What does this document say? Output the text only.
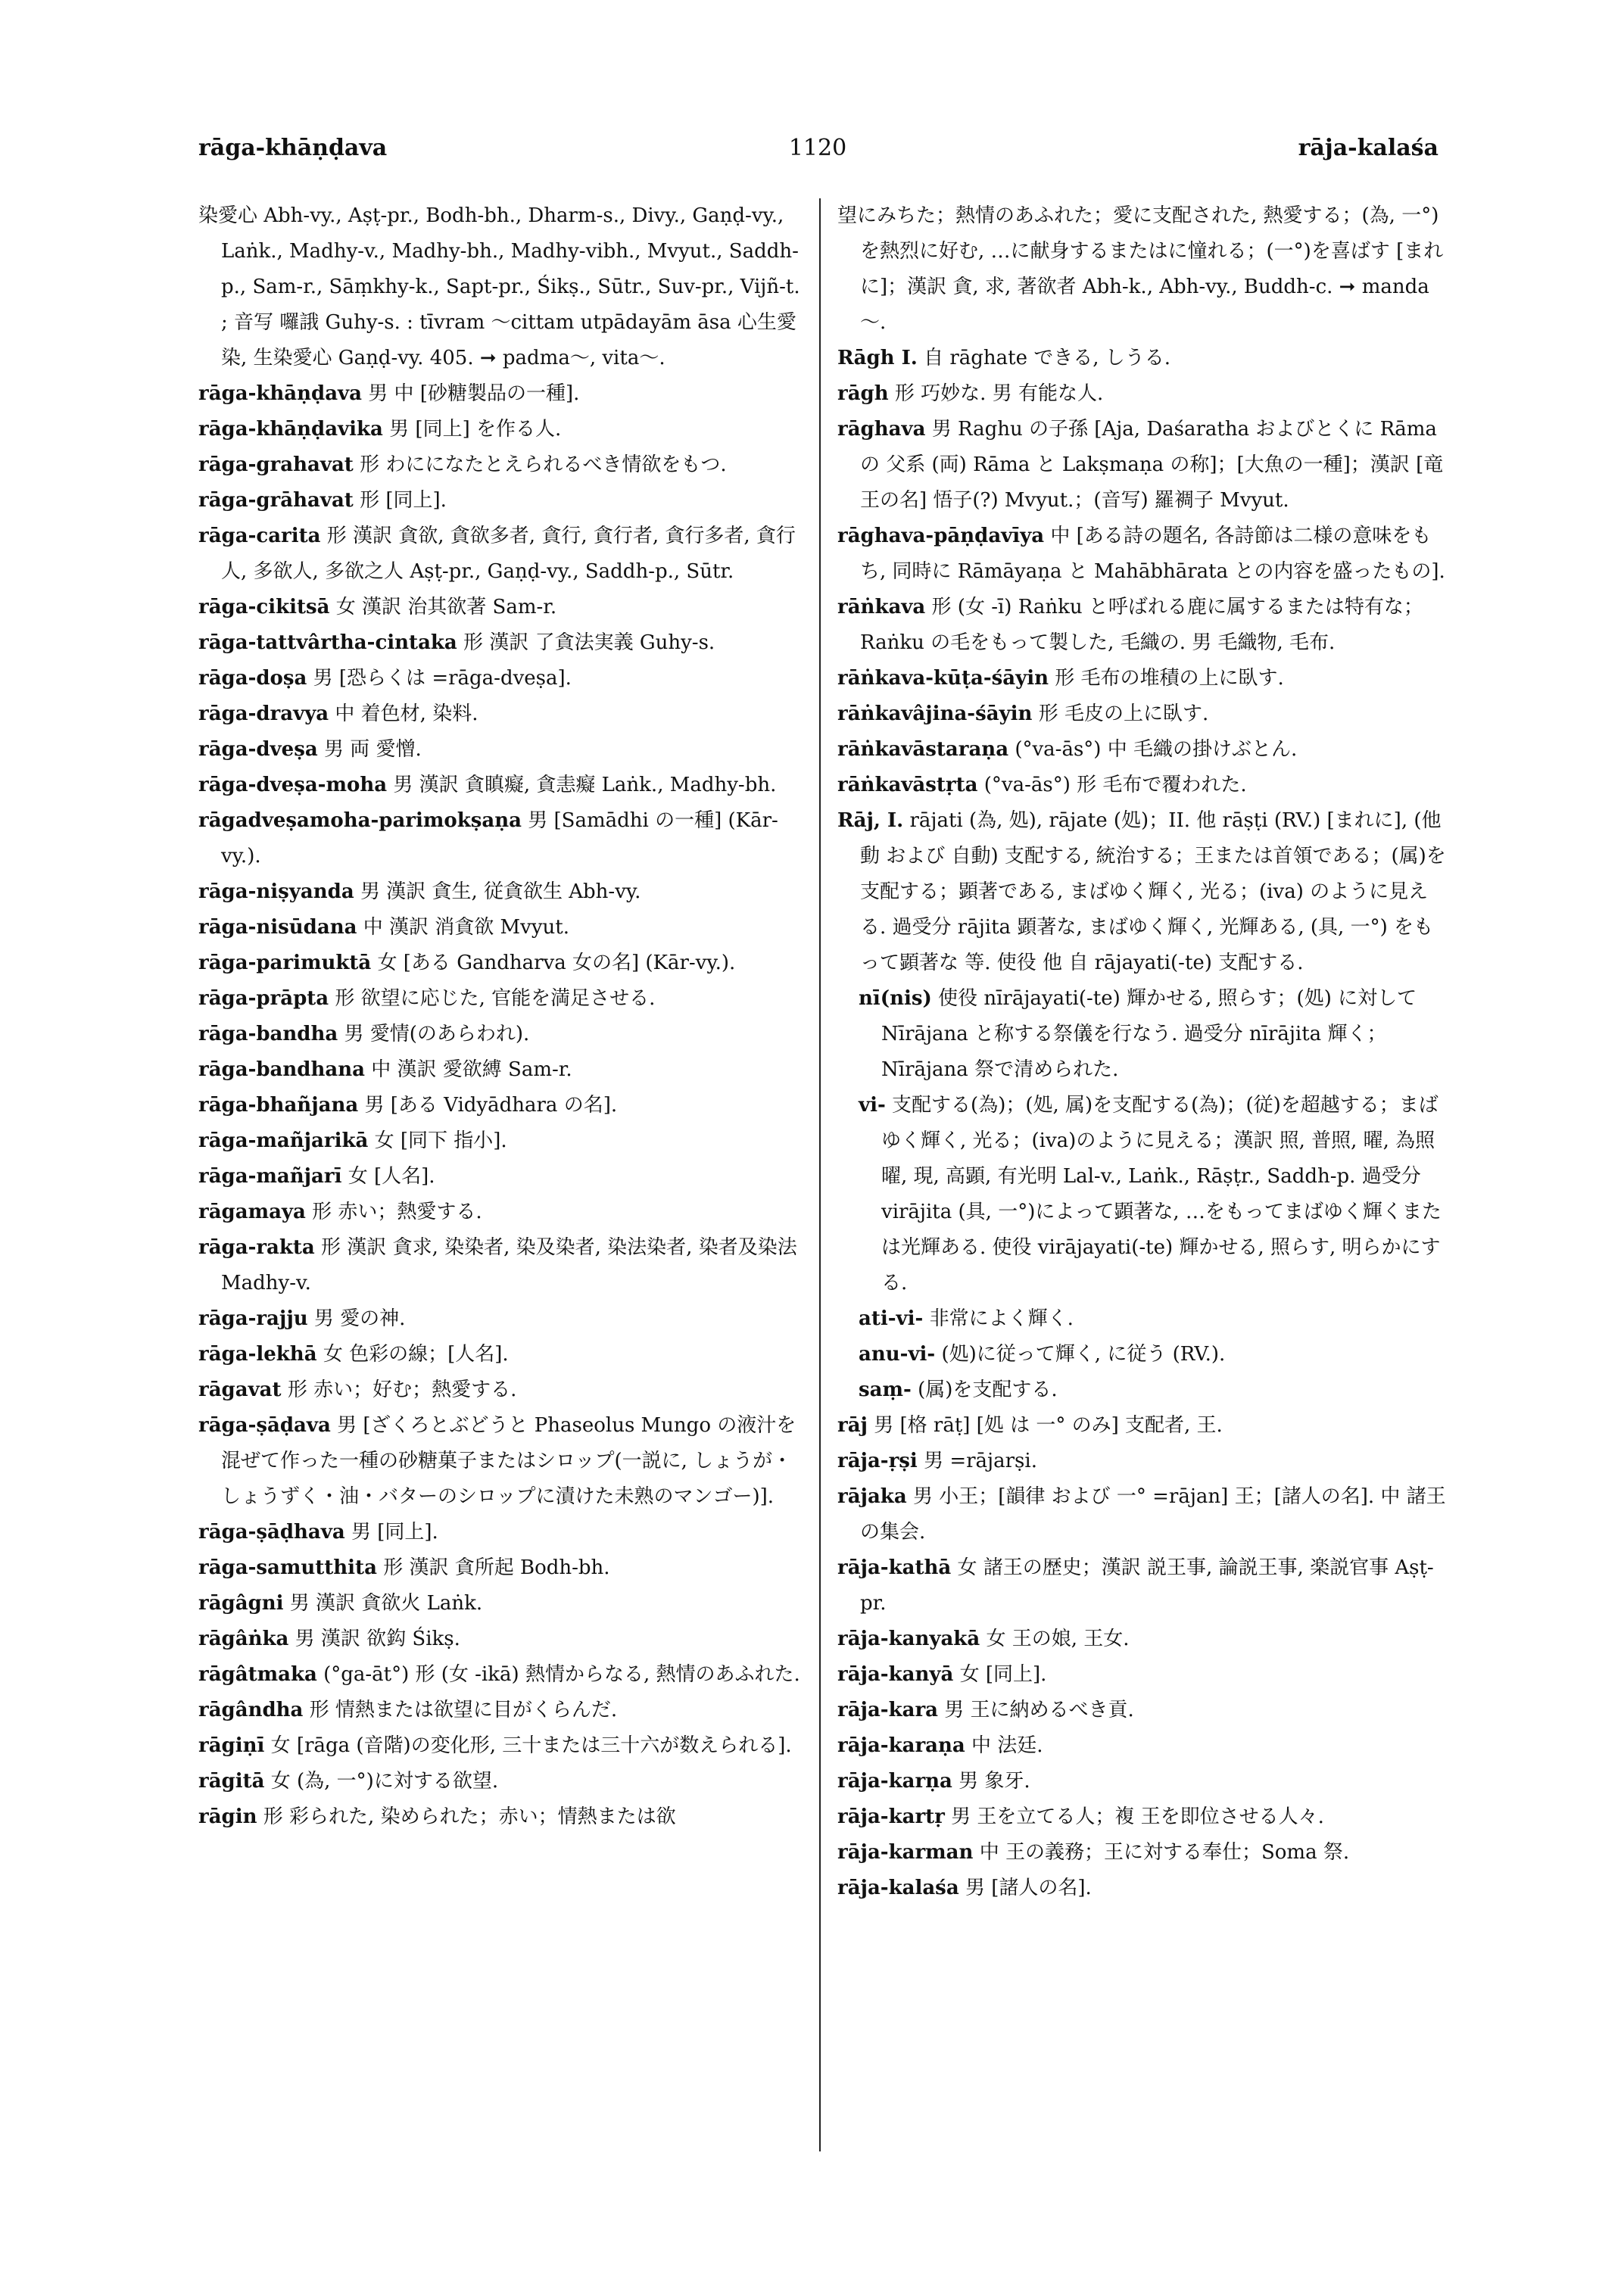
rāga-khāṇḍava	1120	rāja-kalaśa

染愛心 Abh-vy., Aṣṭ-pr., Bodh-bh., Dharm-s., Divy., Gaṇḍ-vy., Laṅk., Madhy-v., Madhy-bh., Madhy-vibh., Mvyut., Saddh-p., Sam-r., Sāṃkhy-k., Sapt-pr., Śikṣ., Sūtr., Suv-pr., Vijñ-t. ; 音写 囉誐 Guhy-s. : tīvram ～cittam utpādayām āsa 心生愛染, 生染愛心 Gaṇḍ-vy. 405. ➞ padma～, vita～.

rāga-khāṇḍava 男 中 [砂糖製品の一種].

rāga-khāṇḍavika 男 [同上] を作る人.

rāga-grahavat 形 わにになたとえられるべき情欲をもつ.

rāga-grāhavat 形 [同上].

rāga-carita 形 漢訳 貪欲, 貪欲多者, 貪行, 貪行者, 貪行多者, 貪行人, 多欲人, 多欲之人 Aṣṭ-pr., Gaṇḍ-vy., Saddh-p., Sūtr.

rāga-cikitsā 女 漢訳 治其欲著 Sam-r.

rāga-tattvârtha-cintaka 形 漢訳 了貪法実義 Guhy-s.

rāga-doṣa 男 [恐らくは =rāga-dveṣa].

rāga-dravya 中 着色材, 染料.

rāga-dveṣa 男 両 愛憎.

rāga-dveṣa-moha 男 漢訳 貪瞋癡, 貪恚癡 Laṅk., Madhy-bh.

rāgadveṣamoha-parimokṣaṇa 男 [Samādhi の一種] (Kār-vy.).

rāga-niṣyanda 男 漢訳 貪生, 従貪欲生 Abh-vy.

rāga-nisūdana 中 漢訳 消貪欲 Mvyut.

rāga-parimuktā 女 [ある Gandharva 女の名] (Kār-vy.).

rāga-prāpta 形 欲望に応じた, 官能を満足させる.

rāga-bandha 男 愛情(のあらわれ).

rāga-bandhana 中 漢訳 愛欲縛 Sam-r.

rāga-bhañjana 男 [ある Vidyādhara の名].

rāga-mañjarikā 女 [同下 指小].

rāga-mañjarī 女 [人名].

rāgamaya 形 赤い；熱愛する.

rāga-rakta 形 漢訳 貪求, 染染者, 染及染者, 染法染者, 染者及染法 Madhy-v.

rāga-rajju 男 愛の神.

rāga-lekhā 女 色彩の線；[人名].

rāgavat 形 赤い；好む；熱愛する.

rāga-ṣāḍava 男 [ざくろとぶどうと Phaseolus Mungo の液汁を混ぜて作った一種の砂糖菓子またはシロップ(一説に, しょうが・しょうずく・油・バターのシロップに漬けた未熟のマンゴー)].

rāga-ṣāḍhava 男 [同上].

rāga-samutthita 形 漢訳 貪所起 Bodh-bh.

rāgâgni 男 漢訳 貪欲火 Laṅk.

rāgâṅka 男 漢訳 欲鈎 Śikṣ.

rāgâtmaka (°ga-āt°) 形 (女 -ikā) 熱情からなる, 熱情のあふれた.

rāgândha 形 情熱または欲望に目がくらんだ.

rāgiṇī 女 [rāga (音階)の変化形, 三十または三十六が数えられる].

rāgitā 女 (為, 一°)に対する欲望.

rāgin 形 彩られた, 染められた；赤い；情熱または欲

望にみちた；熱情のあふれた；愛に支配された, 熱愛する；(為, 一°)を熱烈に好む, …に献身するまたはに憧れる；(一°)を喜ばす [まれに]；漢訳 貪, 求, 著欲者 Abh-k., Abh-vy., Buddh-c. ➞ manda～.

Rāgh I. 自 rāghate できる, しうる.

rāgh 形 巧妙な. 男 有能な人.

rāghava 男 Raghu の子孫 [Aja, Daśaratha およびとくに Rāma の 父系 (両) Rāma と Lakṣmaṇa の称]；[大魚の一種]；漢訳 [竜王の名] 悟子(?) Mvyut.；(音写) 羅裯子 Mvyut.

rāghava-pāṇḍavīya 中 [ある詩の題名, 各詩節は二様の意味をもち, 同時に Rāmāyaṇa と Mahābhārata との内容を盛ったもの].

rāṅkava 形 (女 -ī) Raṅku と呼ばれる鹿に属するまたは特有な；Raṅku の毛をもって製した, 毛織の. 男 毛織物, 毛布.

rāṅkava-kūṭa-śāyin 形 毛布の堆積の上に臥す.

rāṅkavâjina-śāyin 形 毛皮の上に臥す.

rāṅkavāstaraṇa (°va-ās°) 中 毛織の掛けぶとん.

rāṅkavāstṛta (°va-ās°) 形 毛布で覆われた.

Rāj, I. rājati (為, 処), rājate (処)；II. 他 rāṣṭi (RV.) [まれに], (他動 および 自動) 支配する, 統治する；王または首領である；(属)を支配する；顕著である, まばゆく輝く, 光る；(iva) のように見える. 過受分 rājita 顕著な, まばゆく輝く, 光輝ある, (具, 一°) をもって顕著な 等. 使役 他 自 rājayati(-te) 支配する.

nī(nis) 使役 nīrājayati(-te) 輝かせる, 照らす；(処) に対して Nīrājana と称する祭儀を行なう. 過受分 nīrājita 輝く；Nīrājana 祭で清められた.

vi- 支配する(為)；(処, 属)を支配する(為)；(従)を超越する；まばゆく輝く, 光る；(iva)のように見える；漢訳 照, 普照, 曜, 為照曜, 現, 高顕, 有光明 Lal-v., Laṅk., Rāṣṭr., Saddh-p. 過受分 virājita (具, 一°)によって顕著な, …をもってまばゆく輝くまたは光輝ある. 使役 virājayati(-te) 輝かせる, 照らす, 明らかにする.

ati-vi- 非常によく輝く.

anu-vi- (処)に従って輝く, に従う (RV.).

saṃ- (属)を支配する.

rāj 男 [格 rāṭ] [処 は 一° のみ] 支配者, 王.

rāja-ṛṣi 男 =rājarṣi.

rājaka 男 小王；[韻律 および 一° =rājan] 王；[諸人の名]. 中 諸王の集会.

rāja-kathā 女 諸王の歴史；漢訳 説王事, 論説王事, 楽説官事 Aṣṭ-pr.

rāja-kanyakā 女 王の娘, 王女.

rāja-kanyā 女 [同上].

rāja-kara 男 王に納めるべき貢.

rāja-karaṇa 中 法廷.

rāja-karṇa 男 象牙.

rāja-kartṛ 男 王を立てる人；複 王を即位させる人々.

rāja-karman 中 王の義務；王に対する奉仕；Soma 祭.

rāja-kalaśa 男 [諸人の名].
